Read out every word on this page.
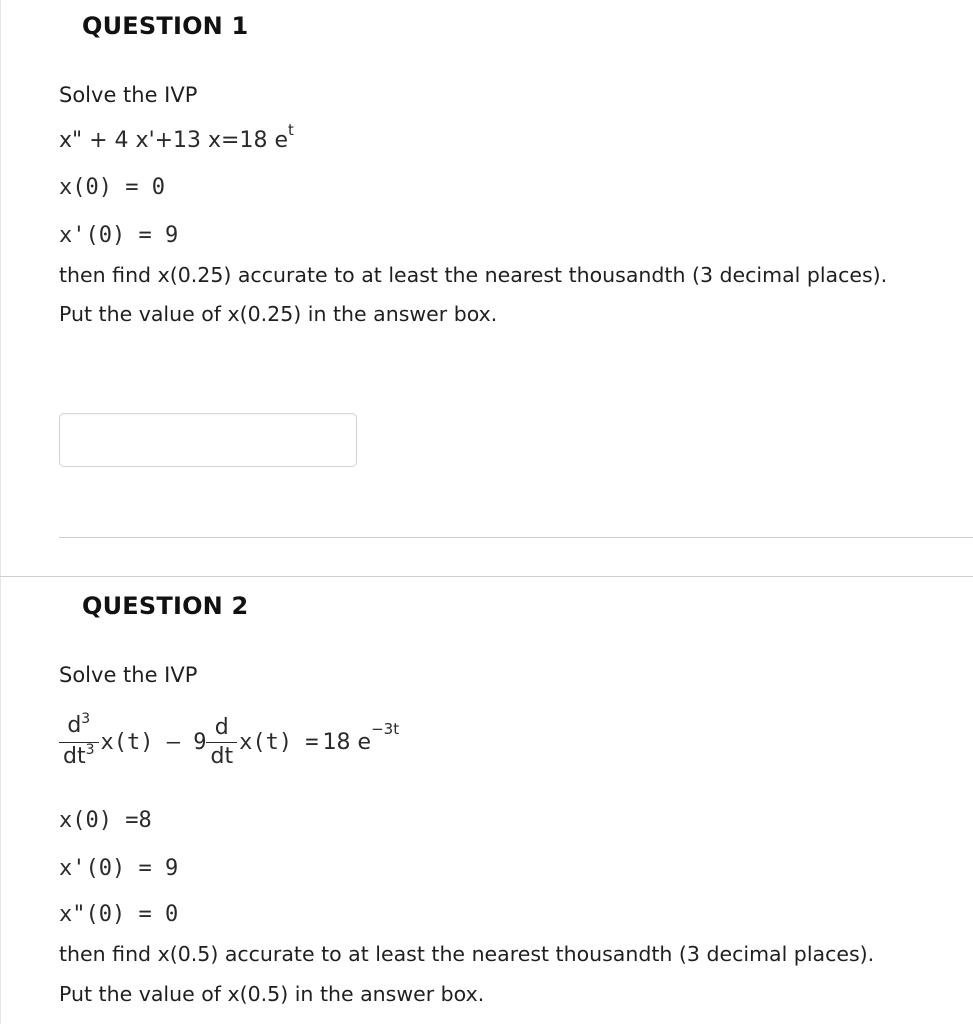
QUESTION 1
Solve the IVP
x" + 4 x'+13 x=18 $e^t$
x(0) = 0
x'(0) = 9
then find x(0.25) accurate to at least the nearest thousandth (3 decimal places).
Put the value of x(0.25) in the answer box.
QUESTION 2
Solve the IVP
$\frac{d^3}{dt^3} x(t) - 9 \frac{d}{dt} x(t) = 18$ $e^{-3t}$
x(0) =8
x'(0) = 9
x"(0) = 0
then find x(0.5) accurate to at least the nearest thousandth (3 decimal places).
Put the value of x(0.5) in the answer box.
